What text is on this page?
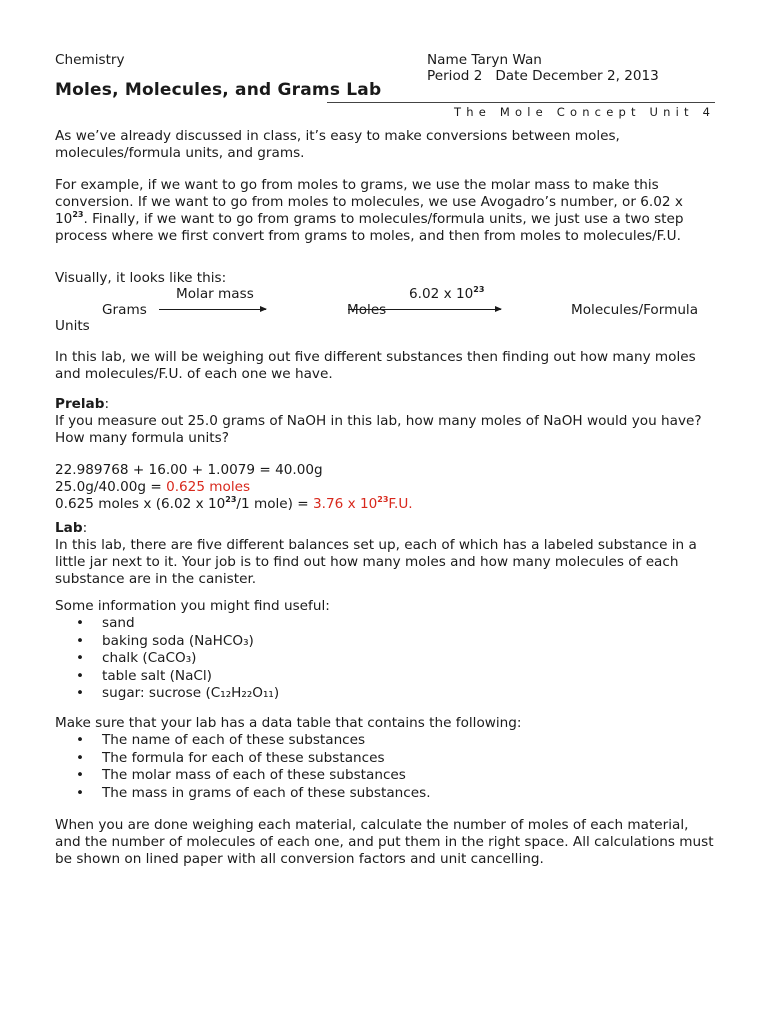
Chemistry	Name Taryn Wan
Period 2   Date December 2, 2013
Moles, Molecules, and Grams Lab
The Mole Concept Unit 4

As we’ve already discussed in class, it’s easy to make conversions between moles, molecules/formula units, and grams.

For example, if we want to go from moles to grams, we use the molar mass to make this conversion. If we want to go from moles to molecules, we use Avogadro’s number, or 6.02 x $10^{23}$. Finally, if we want to go from grams to molecules/formula units, we just use a two step process where we first convert from grams to moles, and then from moles to molecules/F.U.

Visually, it looks like this:
Molar mass	6.02 x $10^{23}$
Grams	Moles	Molecules/Formula
Units
In this lab, we will be weighing out five different substances then finding out how many moles and molecules/F.U. of each one we have.

Prelab:

If you measure out 25.0 grams of NaOH in this lab, how many moles of NaOH would you have? How many formula units?

22.989768 + 16.00 + 1.0079 = 40.00g

25.0g/40.00g = 0.625 moles

0.625 moles x (6.02 x $10^{23}/1$ mole) = 3.76 x $10^{23}F.U$.

Lab:

In this lab, there are five different balances set up, each of which has a labeled substance in a little jar next to it. Your job is to find out how many moles and how many molecules of each substance are in the canister.

Some information you might find useful:

• sand
• baking soda (NaHCO₃)
• chalk (CaCO₃)
• table salt (NaCl)
• sugar: sucrose (C₁₂H₂₂O₁₁)

Make sure that your lab has a data table that contains the following:

• The name of each of these substances
• The formula for each of these substances
• The molar mass of each of these substances
• The mass in grams of each of these substances.
When you are done weighing each material, calculate the number of moles of each material, and the number of molecules of each one, and put them in the right space. All calculations must be shown on lined paper with all conversion factors and unit cancelling.
